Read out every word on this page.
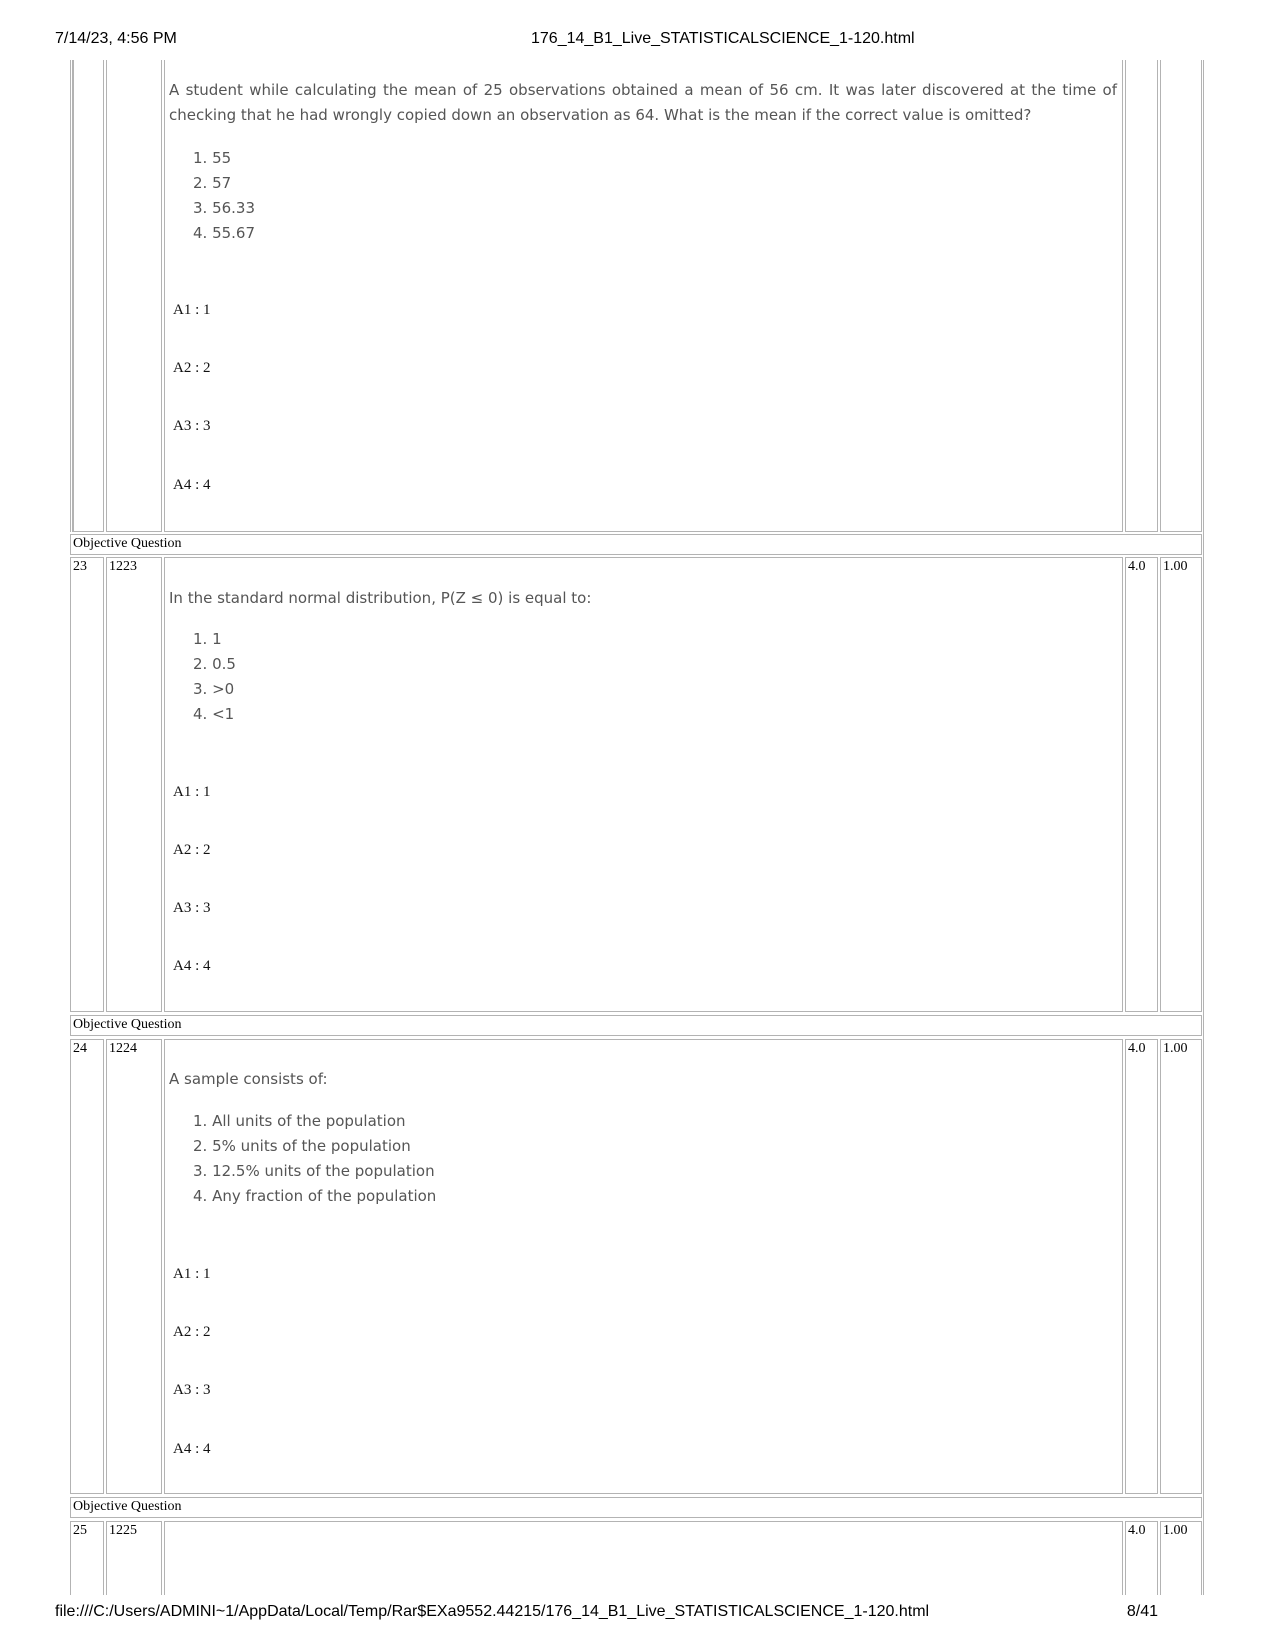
7/14/23, 4:56 PM	176_14_B1_Live_STATISTICALSCIENCE_1-120.html
A student while calculating the mean of 25 observations obtained a mean of 56 cm. It was later discovered at the time of checking that he had wrongly copied down an observation as 64. What is the mean if the correct value is omitted?
1. 55
2. 57
3. 56.33
4. 55.67
A1 : 1
A2 : 2
A3 : 3
A4 : 4
Objective Question
23	1223	4.0	1.00
In the standard normal distribution, P(Z ≤ 0) is equal to:
1. 1
2. 0.5
3. >0
4. <1
A1 : 1
A2 : 2
A3 : 3
A4 : 4
Objective Question
24	1224	4.0	1.00
A sample consists of:
1. All units of the population
2. 5% units of the population
3. 12.5% units of the population
4. Any fraction of the population
A1 : 1
A2 : 2
A3 : 3
A4 : 4
Objective Question
25	1225	4.0	1.00
file:///C:/Users/ADMINI~1/AppData/Local/Temp/Rar$EXa9552.44215/176_14_B1_Live_STATISTICALSCIENCE_1-120.html	8/41
